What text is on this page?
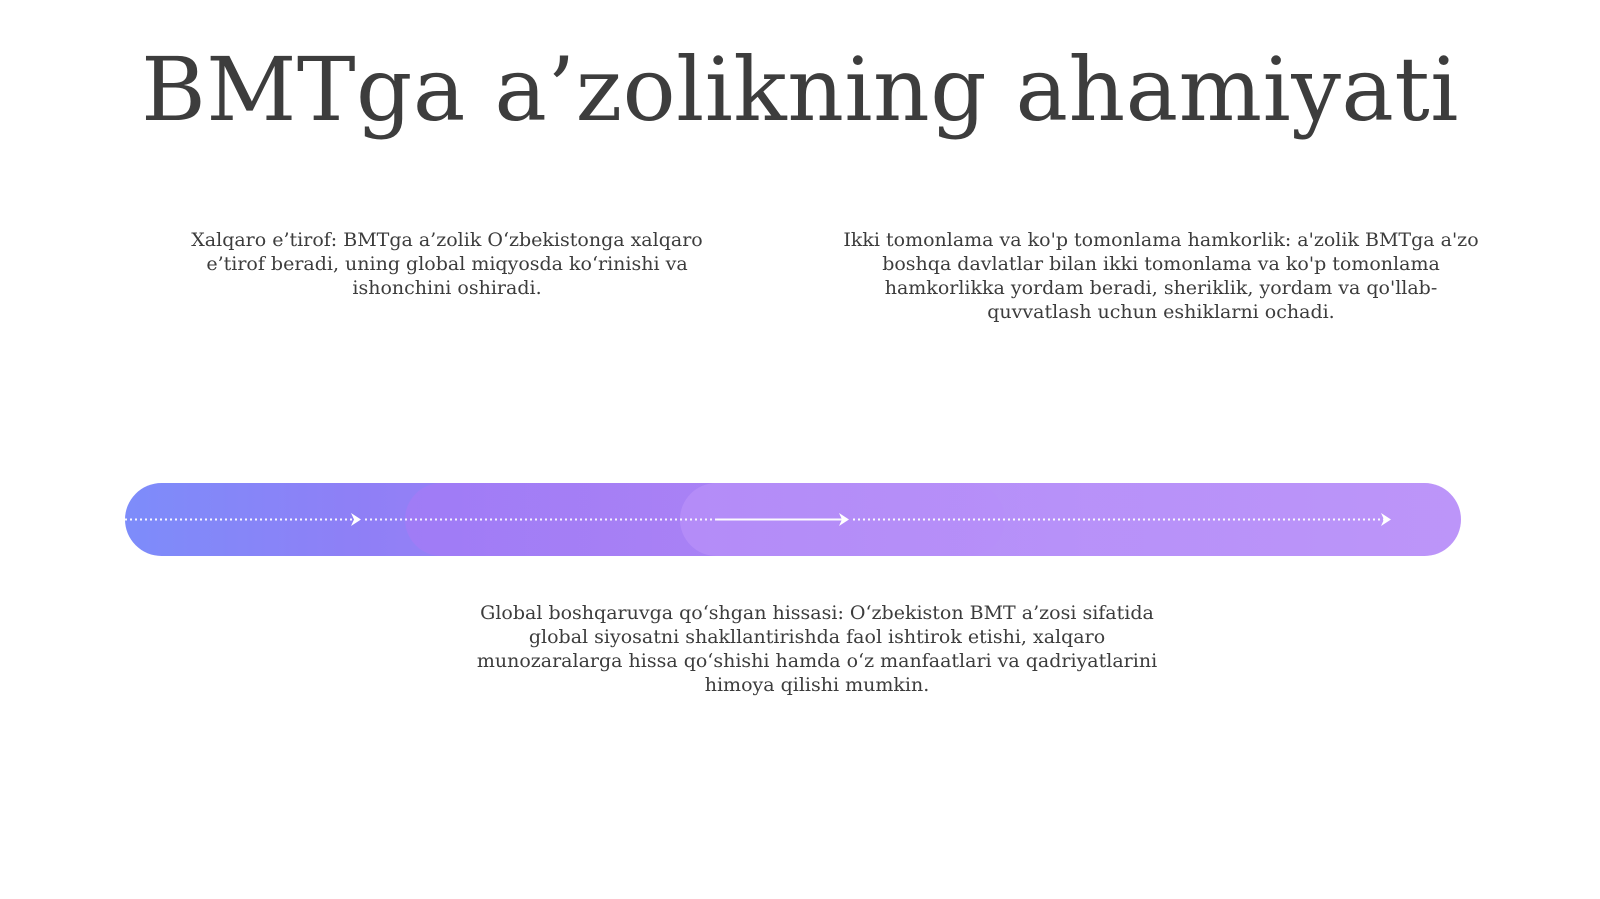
BMTga a’zolikning ahamiyati
Xalqaro e’tirof: BMTga a’zolik O‘zbekistonga xalqaro e’tirof beradi, uning global miqyosda ko‘rinishi va ishonchini oshiradi.
Ikki tomonlama va ko'p tomonlama hamkorlik: a'zolik BMTga a'zo boshqa davlatlar bilan ikki tomonlama va ko'p tomonlama hamkorlikka yordam beradi, sheriklik, yordam va qo'llab-quvvatlash uchun eshiklarni ochadi.
Global boshqaruvga qo‘shgan hissasi: O‘zbekiston BMT a’zosi sifatida global siyosatni shakllantirishda faol ishtirok etishi, xalqaro munozaralarga hissa qo‘shishi hamda o‘z manfaatlari va qadriyatlarini himoya qilishi mumkin.
